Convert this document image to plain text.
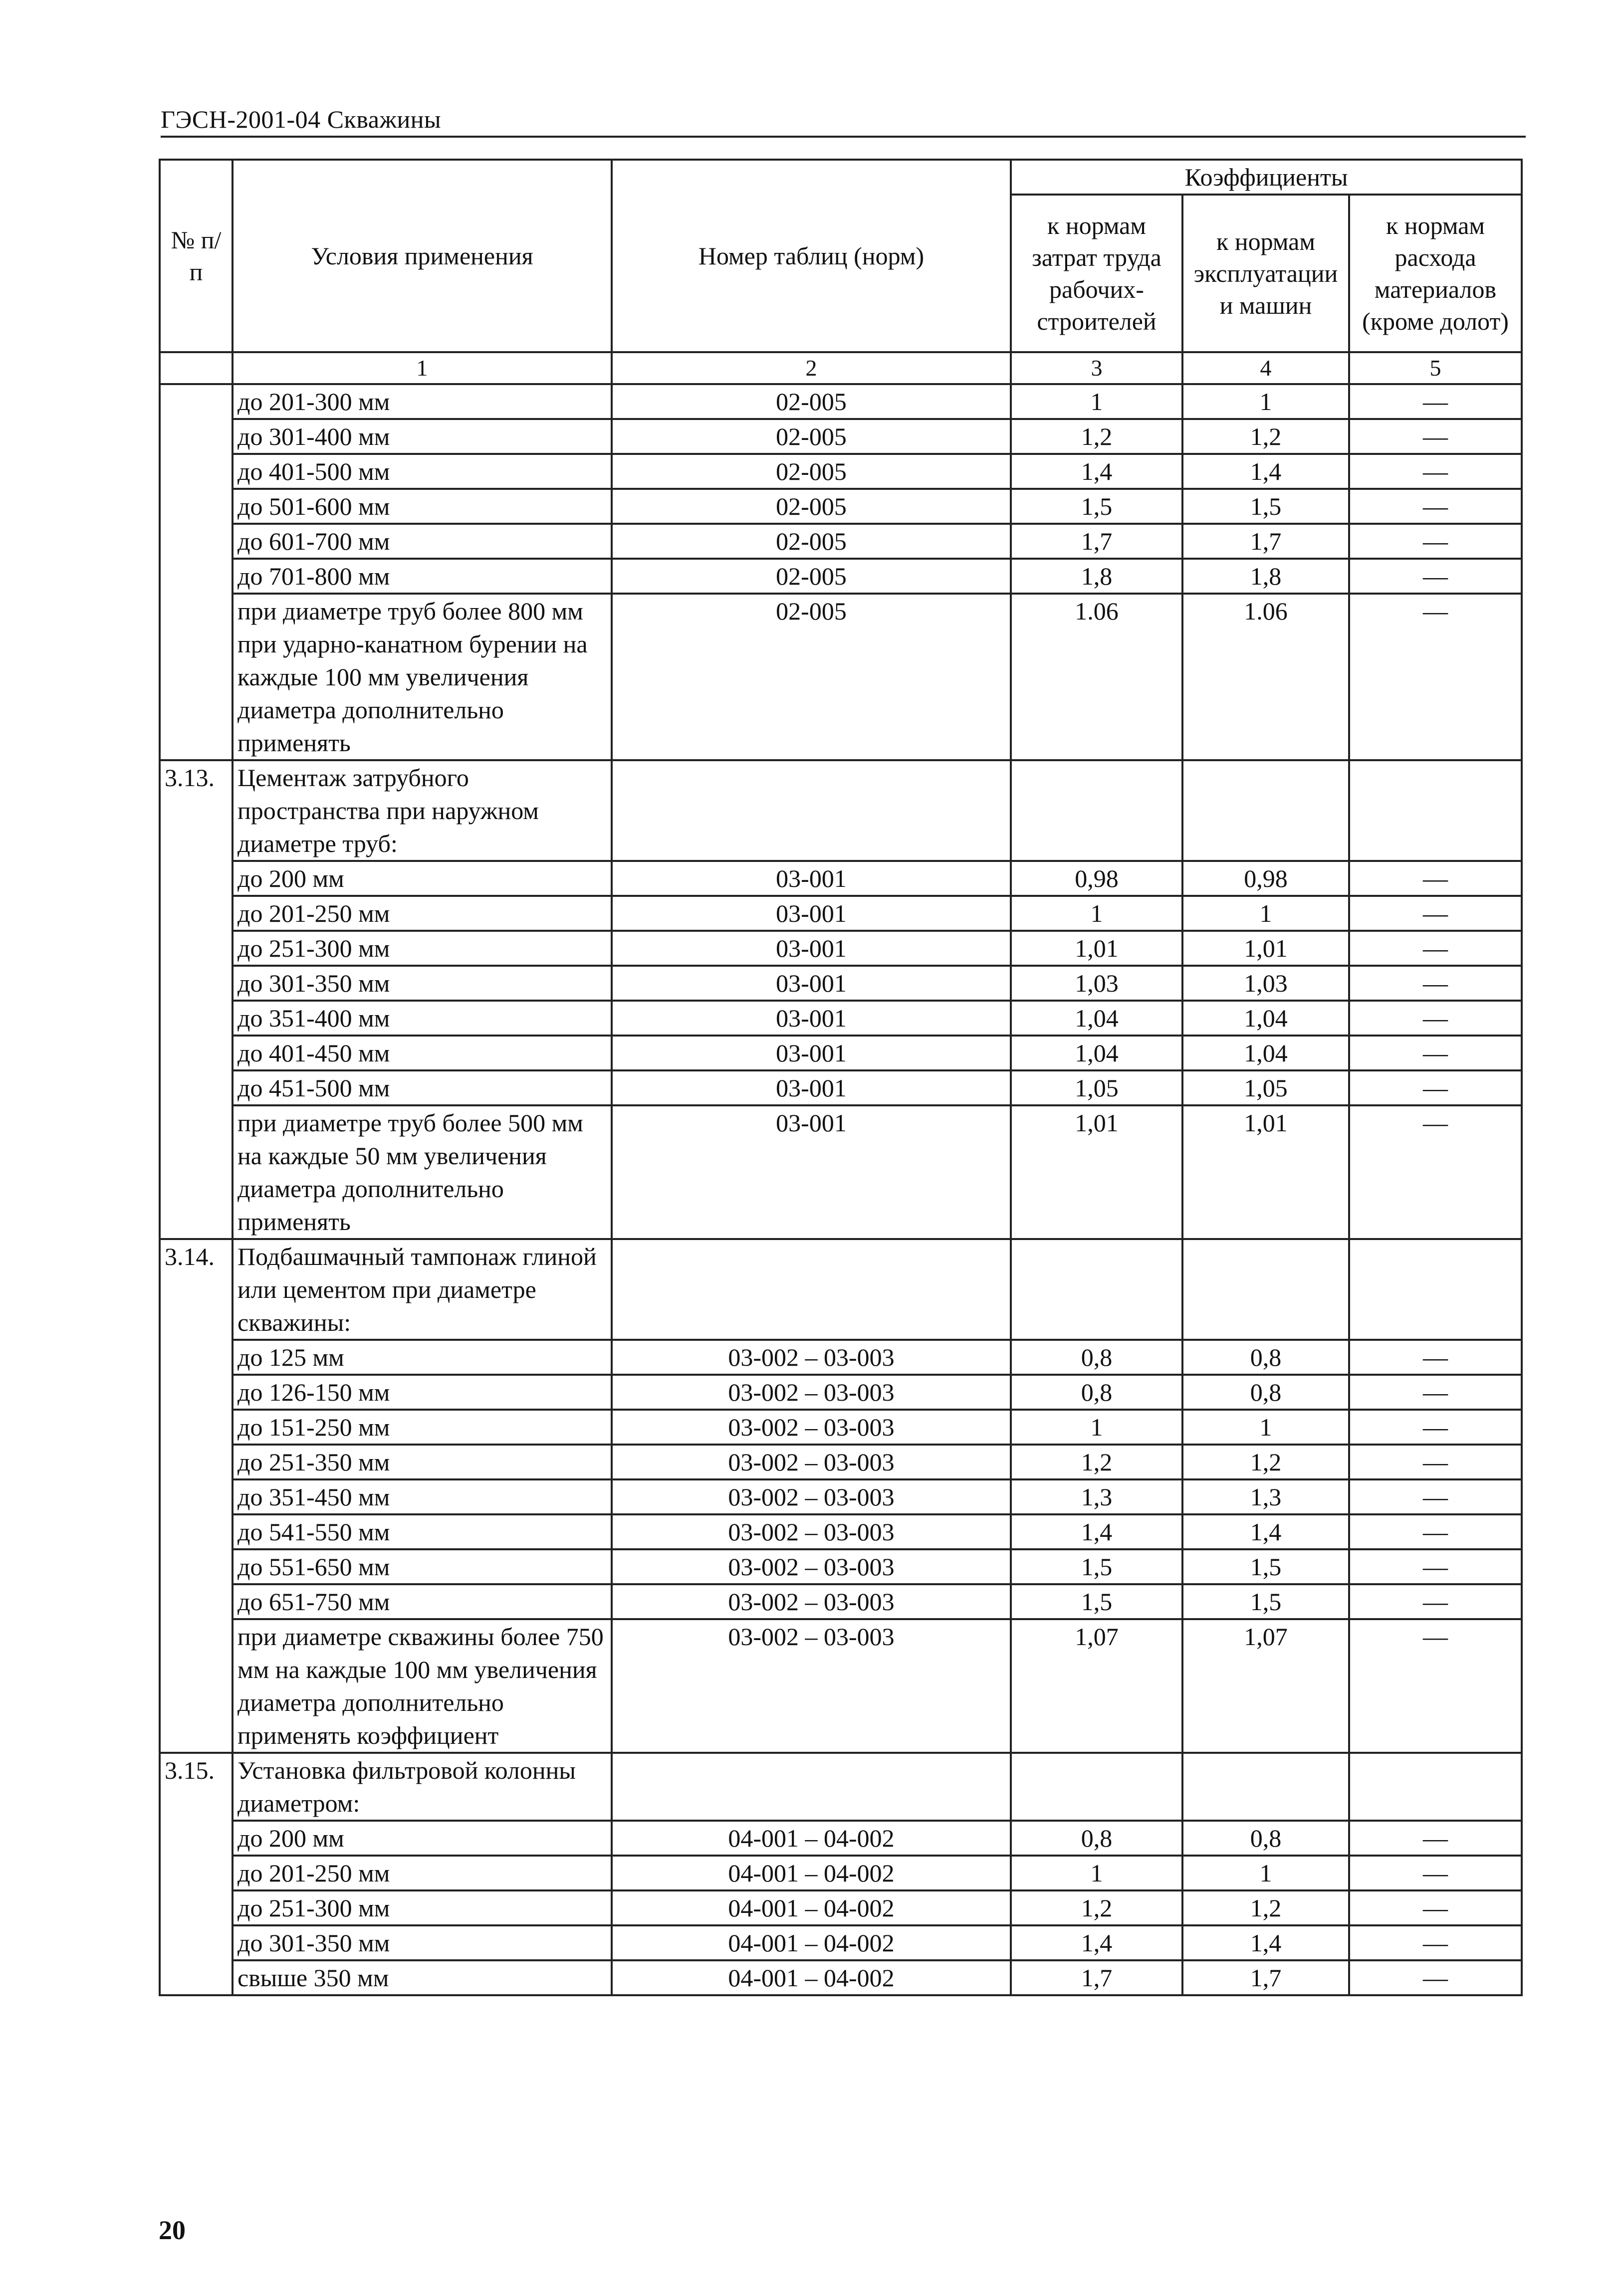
ГЭСН-2001-04 Скважины
№ п/п	Условия применения	Номер таблиц (норм)	Коэффициенты		
			к нормам затрат труда рабочих-строителей	к нормам эксплуатации и машин	к нормам расхода материалов (кроме долот)
	1	2	3	4	5
	до 201-300 мм	02-005	1	1	—
	до 301-400 мм	02-005	1,2	1,2	—
	до 401-500 мм	02-005	1,4	1,4	—
	до 501-600 мм	02-005	1,5	1,5	—
	до 601-700 мм	02-005	1,7	1,7	—
	до 701-800 мм	02-005	1,8	1,8	—
	при диаметре труб более 800 мм при ударно-канатном бурении на каждые 100 мм увеличения диаметра дополнительно применять	02-005	1.06	1.06	—
3.13.	Цементаж затрубного пространства при наружном диаметре труб:				
	до 200 мм	03-001	0,98	0,98	—
	до 201-250 мм	03-001	1	1	—
	до 251-300 мм	03-001	1,01	1,01	—
	до 301-350 мм	03-001	1,03	1,03	—
	до 351-400 мм	03-001	1,04	1,04	—
	до 401-450 мм	03-001	1,04	1,04	—
	до 451-500 мм	03-001	1,05	1,05	—
	при диаметре труб более 500 мм на каждые 50 мм увеличения диаметра дополнительно применять	03-001	1,01	1,01	—
3.14.	Подбашмачный тампонаж глиной или цементом при диаметре скважины:				
	до 125 мм	03-002 – 03-003	0,8	0,8	—
	до 126-150 мм	03-002 – 03-003	0,8	0,8	—
	до 151-250 мм	03-002 – 03-003	1	1	—
	до 251-350 мм	03-002 – 03-003	1,2	1,2	—
	до 351-450 мм	03-002 – 03-003	1,3	1,3	—
	до 541-550 мм	03-002 – 03-003	1,4	1,4	—
	до 551-650 мм	03-002 – 03-003	1,5	1,5	—
	до 651-750 мм	03-002 – 03-003	1,5	1,5	—
	при диаметре скважины более 750 мм на каждые 100 мм увеличения диаметра дополнительно применять коэффициент	03-002 – 03-003	1,07	1,07	—
3.15.	Установка фильтровой колонны диаметром:				
	до 200 мм	04-001 – 04-002	0,8	0,8	—
	до 201-250 мм	04-001 – 04-002	1	1	—
	до 251-300 мм	04-001 – 04-002	1,2	1,2	—
	до 301-350 мм	04-001 – 04-002	1,4	1,4	—
	свыше 350 мм	04-001 – 04-002	1,7	1,7	—
20
